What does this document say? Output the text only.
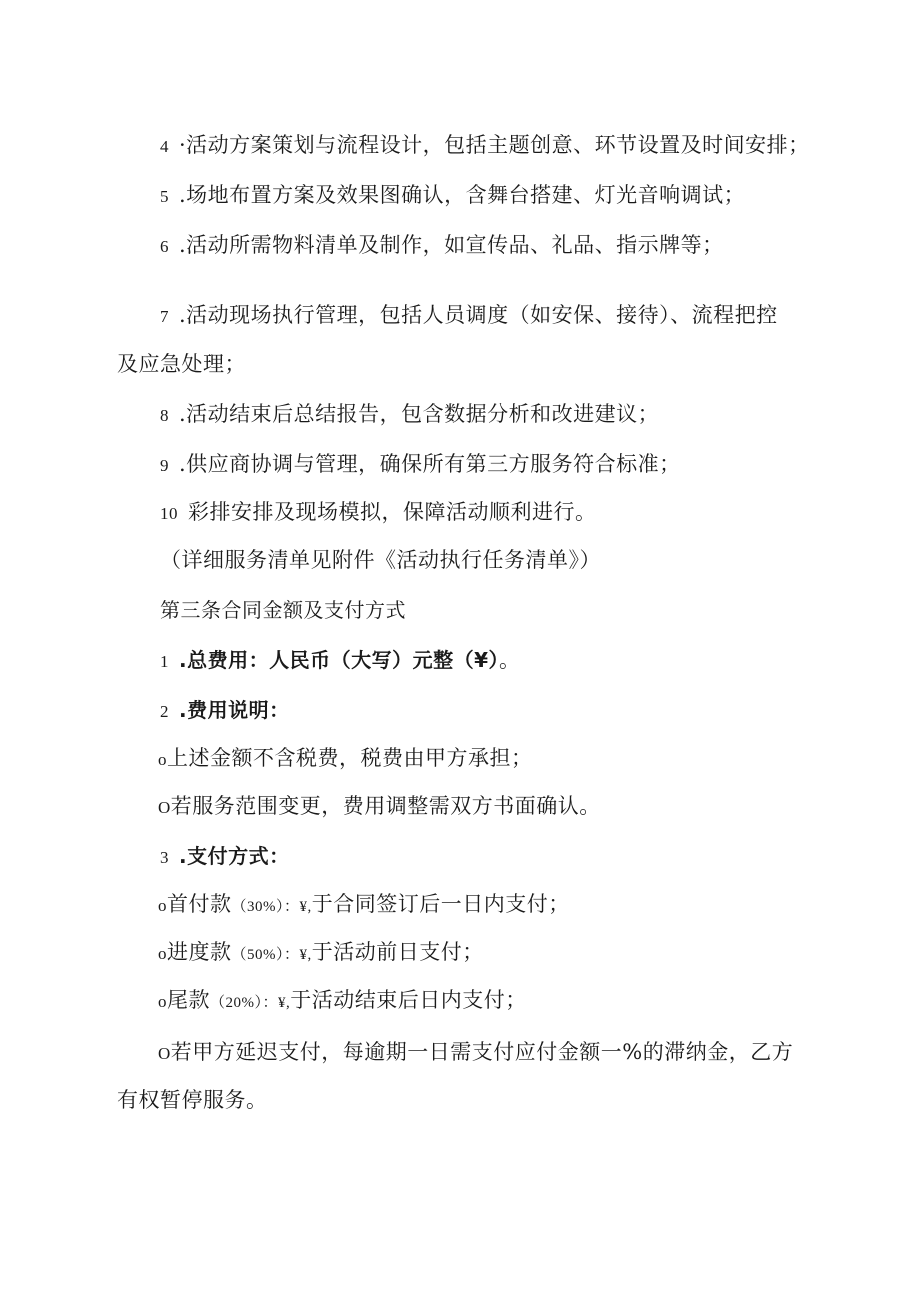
4 ·活动方案策划与流程设计，包括主题创意、环节设置及时间安排；
5 .场地布置方案及效果图确认，含舞台搭建、灯光音响调试；
6 .活动所需物料清单及制作，如宣传品、礼品、指示牌等；
7 .活动现场执行管理，包括人员调度（如安保、接待）、流程把控
及应急处理；
8 .活动结束后总结报告，包含数据分析和改进建议；
9 .供应商协调与管理，确保所有第三方服务符合标准；
10 彩排安排及现场模拟，保障活动顺利进行。
（详细服务清单见附件《活动执行任务清单》）
第三条合同金额及支付方式
1 .总费用：人民币（大写）元整（¥）。
2 .费用说明：
o上述金额不含税费，税费由甲方承担；
O若服务范围变更，费用调整需双方书面确认。
3 .支付方式：
o首付款（30%）：¥,于合同签订后一日内支付；
o进度款（50%）：¥,于活动前日支付；
o尾款（20%）：¥,于活动结束后日内支付；
O若甲方延迟支付，每逾期一日需支付应付金额一%的滞纳金，乙方
有权暂停服务。
